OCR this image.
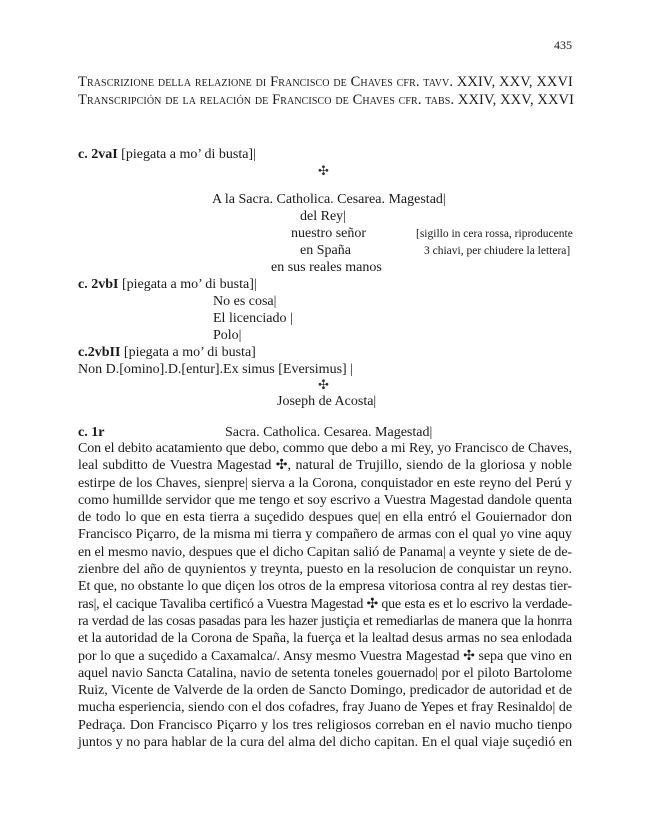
435
Trascrizione della relazione di Francisco de Chaves cfr. tavv. XXIV, XXV, XXVI
Transcripción de la relación de Francisco de Chaves cfr. tabs. XXIV, XXV, XXVI
c. 2vaI [piegata a mo’ di busta]|
✣
A la Sacra. Catholica. Cesarea. Magestad|
del Rey|
nuestro señor
en Spaña
en sus reales manos
[sigillo in cera rossa, riproducente
3 chiavi, per chiudere la lettera]
c. 2vbI [piegata a mo’ di busta]|
No es cosa|
El licenciado |
Polo|
c.2vbII [piegata a mo’ di busta]
Non D.[omino].D.[entur].Ex simus [Eversimus] |
✣
Joseph de Acosta|
c. 1r	Sacra. Catholica. Cesarea. Magestad|
Con el debito acatamiento que debo, commo que debo a mi Rey, yo Francisco de Chaves,
leal subditto de Vuestra Magestad ✣, natural de Trujillo, siendo de la gloriosa y noble
estirpe de los Chaves, sienpre| sierva a la Corona, conquistador en este reyno del Perú y
como humillde servidor que me tengo et soy escrivo a Vuestra Magestad dandole quenta
de todo lo que en esta tierra a suçedido despues que| en ella entró el Gouiernador don
Francisco Piçarro, de la misma mi tierra y compañero de armas con el qual yo vine aquy
en el mesmo navio, despues que el dicho Capitan salió de Panama| a veynte y siete de de-
zienbre del año de quynientos y treynta, puesto en la resolucion de conquistar un reyno.
Et que, no obstante lo que diçen los otros de la empresa vitoriosa contra al rey destas tier-
ras|, el cacique Tavaliba certificó a Vuestra Magestad ✣ que esta es et lo escrivo la verdade-
ra verdad de las cosas pasadas para les hazer justiçia et remediarlas de manera que la honrra
et la autoridad de la Corona de Spaña, la fuerça et la lealtad desus armas no sea enlodada
por lo que a suçedido a Caxamalca/. Ansy mesmo Vuestra Magestad ✣ sepa que vino en
aquel navio Sancta Catalina, navio de setenta toneles gouernado| por el piloto Bartolome
Ruiz, Vicente de Valverde de la orden de Sancto Domingo, predicador de autoridad et de
mucha esperiencia, siendo con el dos cofadres, fray Juano de Yepes et fray Resinaldo| de
Pedraça. Don Francisco Piçarro y los tres religiosos correban en el navio mucho tienpo
juntos y no para hablar de la cura del alma del dicho capitan. En el qual viaje suçedió en
